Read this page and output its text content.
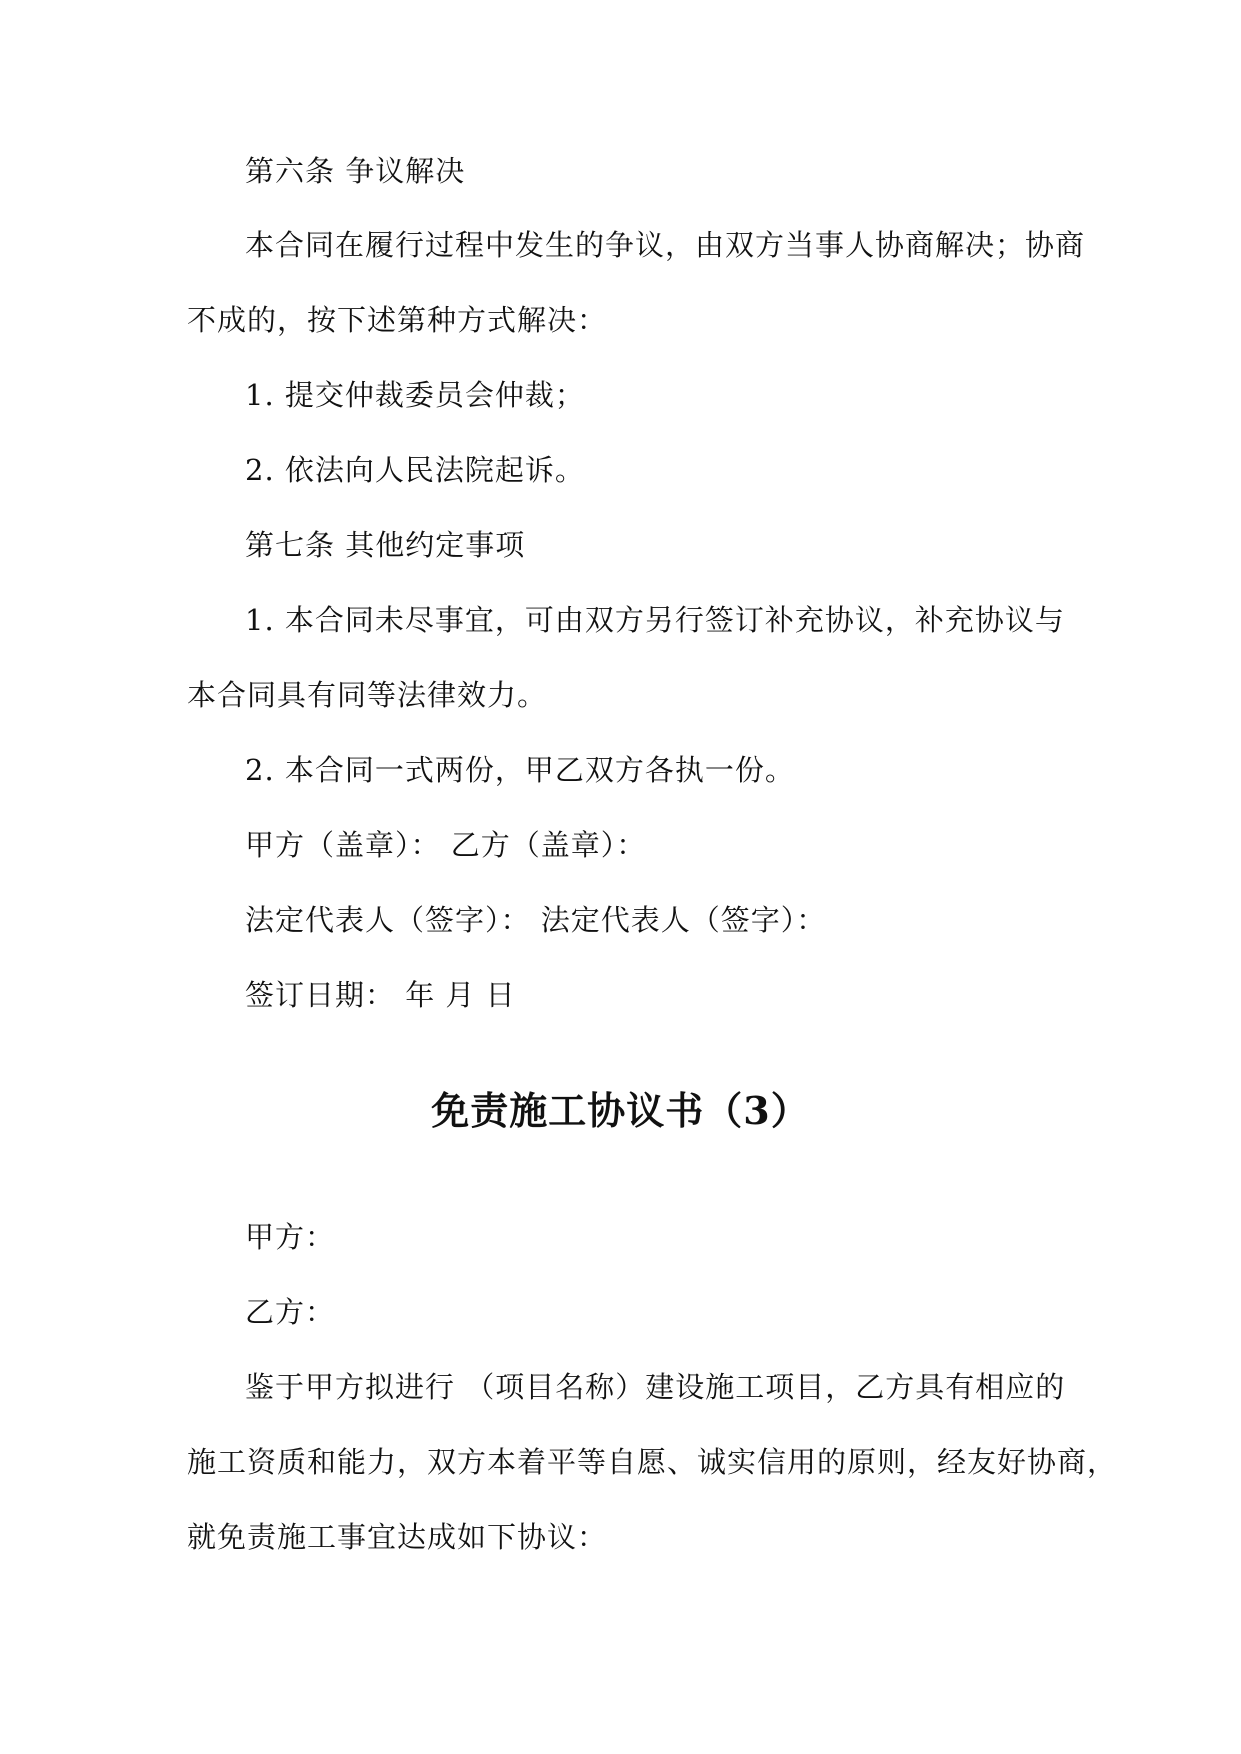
第六条 争议解决
本合同在履行过程中发生的争议，由双方当事人协商解决；协商
不成的，按下述第种方式解决：
1. 提交仲裁委员会仲裁；
2. 依法向人民法院起诉。
第七条 其他约定事项
1. 本合同未尽事宜，可由双方另行签订补充协议，补充协议与
本合同具有同等法律效力。
2. 本合同一式两份，甲乙双方各执一份。
甲方（盖章）： 乙方（盖章）：
法定代表人（签字）： 法定代表人（签字）：
签订日期： 年 月 日
免责施工协议书（3）
甲方：
乙方：
鉴于甲方拟进行 （项目名称）建设施工项目，乙方具有相应的
施工资质和能力，双方本着平等自愿、诚实信用的原则，经友好协商，
就免责施工事宜达成如下协议：
